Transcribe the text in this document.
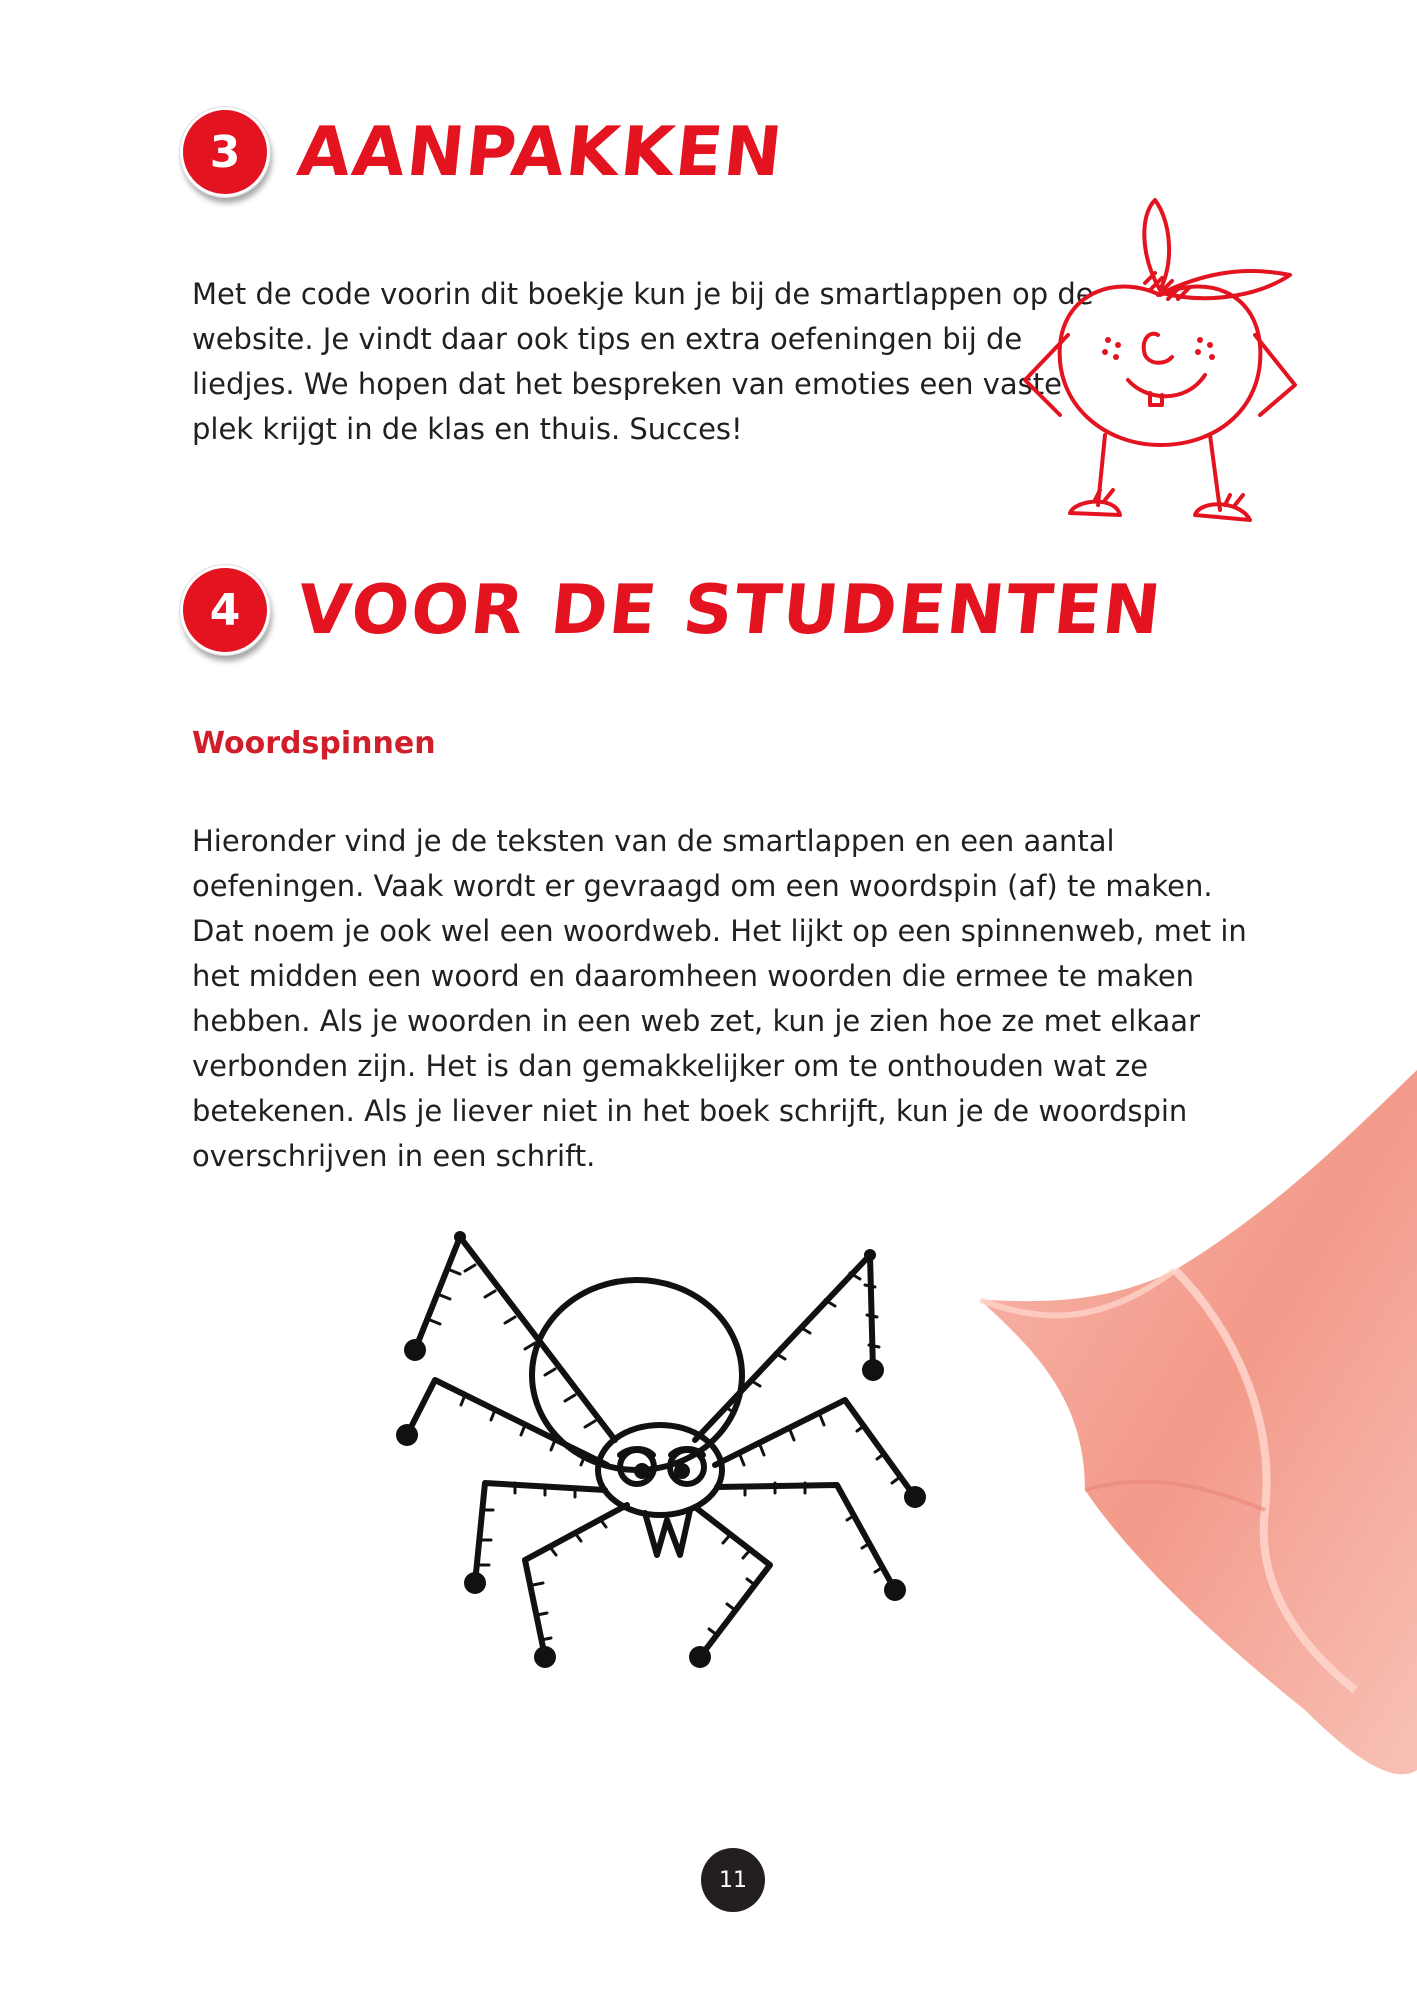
3 AANPAKKEN

Met de code voorin dit boekje kun je bij de smartlappen op de website. Je vindt daar ook tips en extra oefeningen bij de liedjes. We hopen dat het bespreken van emoties een vaste plek krijgt in de klas en thuis. Succes!

4 VOOR DE STUDENTEN
Woordspinnen

Hieronder vind je de teksten van de smartlappen en een aantal oefeningen. Vaak wordt er gevraagd om een woordspin (af) te maken. Dat noem je ook wel een woordweb. Het lijkt op een spinnenweb, met in het midden een woord en daaromheen woorden die ermee te maken hebben. Als je woorden in een web zet, kun je zien hoe ze met elkaar verbonden zijn. Het is dan gemakkelijker om te onthouden wat ze betekenen. Als je liever niet in het boek schrijft, kun je de woordspin overschrijven in een schrift.

11
